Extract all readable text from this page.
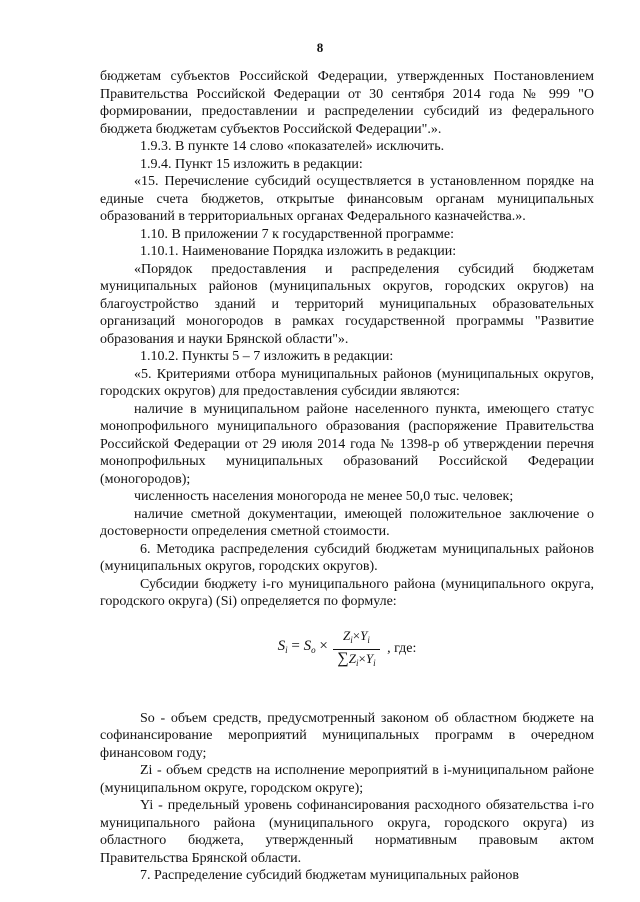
8

бюджетам субъектов Российской Федерации, утвержденных Постановлением Правительства Российской Федерации от 30 сентября 2014 года № 999 "О формировании, предоставлении и распределении субсидий из федерального бюджета бюджетам субъектов Российской Федерации".».

1.9.3. В пункте 14 слово «показателей» исключить.

1.9.4. Пункт 15 изложить в редакции:

«15. Перечисление субсидий осуществляется в установленном порядке на единые счета бюджетов, открытые финансовым органам муниципальных образований в территориальных органах Федерального казначейства.».

1.10. В приложении 7 к государственной программе:

1.10.1. Наименование Порядка изложить в редакции:

«Порядок предоставления и распределения субсидий бюджетам муниципальных районов (муниципальных округов, городских округов) на благоустройство зданий и территорий муниципальных образовательных организаций моногородов в рамках государственной программы "Развитие образования и науки Брянской области"».

1.10.2. Пункты 5 – 7 изложить в редакции:

«5. Критериями отбора муниципальных районов (муниципальных округов, городских округов) для предоставления субсидии являются:

наличие в муниципальном районе населенного пункта, имеющего статус монопрофильного муниципального образования (распоряжение Правительства Российской Федерации от 29 июля 2014 года № 1398-р об утверждении перечня монопрофильных муниципальных образований Российской Федерации (моногородов);

численность населения моногорода не менее 50,0 тыс. человек;

наличие сметной документации, имеющей положительное заключение о достоверности определения сметной стоимости.

6. Методика распределения субсидий бюджетам муниципальных районов (муниципальных округов, городских округов).

Субсидии бюджету i-го муниципального района (муниципального округа, городского округа) (Si) определяется по формуле:

$S_i = S_o \times \frac{Z_i\times Y_i}{\sum Z_i\times Y_i}$ , где:

So - объем средств, предусмотренный законом об областном бюджете на софинансирование мероприятий муниципальных программ в очередном финансовом году;

Zi - объем средств на исполнение мероприятий в i-муниципальном районе (муниципальном округе, городском округе);

Yi - предельный уровень софинансирования расходного обязательства i-го муниципального района (муниципального округа, городского округа) из областного бюджета, утвержденный нормативным правовым актом Правительства Брянской области.

7. Распределение субсидий бюджетам муниципальных районов
